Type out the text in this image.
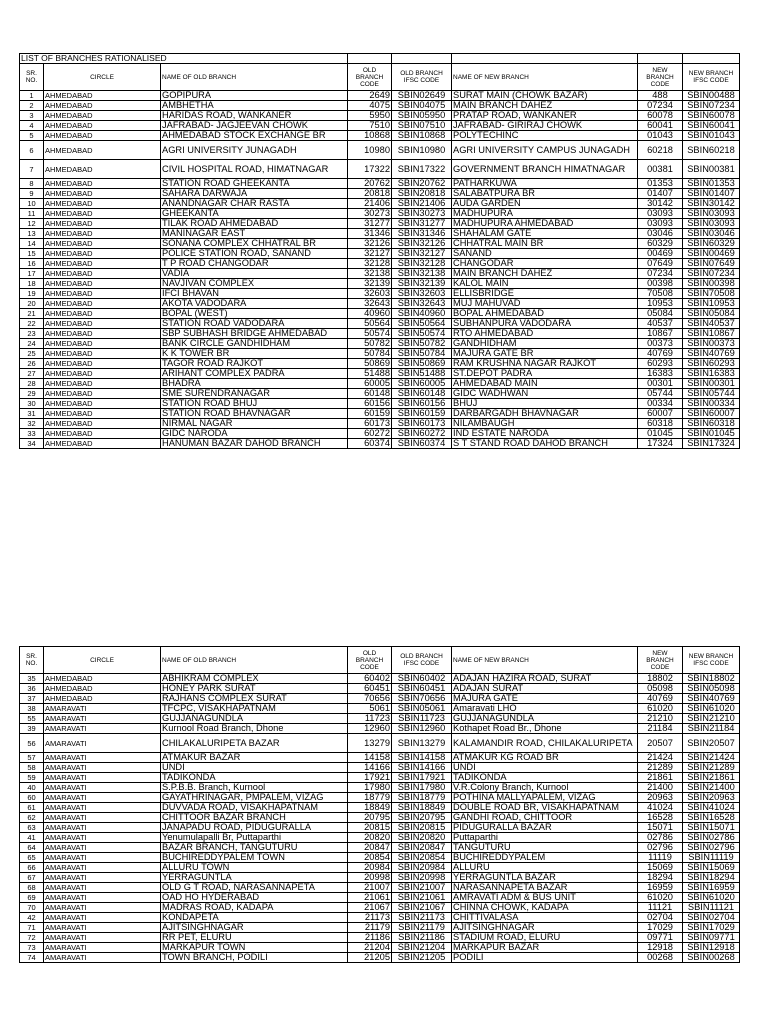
LIST OF BRANCHES RATIONALISED							
SR. NO.	CIRCLE	NAME OF OLD BRANCH	OLD BRANCH CODE	OLD BRANCH IFSC CODE	NAME OF NEW BRANCH	NEW BRANCH CODE	NEW BRANCH IFSC CODE
1	AHMEDABAD	GOPIPURA	2649	SBIN02649	SURAT MAIN (CHOWK BAZAR)	488	SBIN00488
2	AHMEDABAD	AMBHETHA	4075	SBIN04075	MAIN BRANCH DAHEZ	07234	SBIN07234
3	AHMEDABAD	HARIDAS ROAD, WANKANER	5950	SBIN05950	PRATAP ROAD, WANKANER	60078	SBIN60078
4	AHMEDABAD	JAFRABAD- JAGJEEVAN CHOWK	7510	SBIN07510	JAFRABAD- GIRIRAJ CHOWK	60041	SBIN60041
5	AHMEDABAD	AHMEDABAD STOCK EXCHANGE BR	10868	SBIN10868	POLYTECHINC	01043	SBIN01043
6	AHMEDABAD	AGRI UNIVERSITY JUNAGADH	10980	SBIN10980	AGRI UNIVERSITY CAMPUS JUNAGADH	60218	SBIN60218
7	AHMEDABAD	CIVIL HOSPITAL ROAD, HIMATNAGAR	17322	SBIN17322	GOVERNMENT BRANCH HIMATNAGAR	00381	SBIN00381
8	AHMEDABAD	STATION ROAD GHEEKANTA	20762	SBIN20762	PATHARKUWA	01353	SBIN01353
9	AHMEDABAD	SAHARA DARWAJA	20818	SBIN20818	SALABATPURA BR	01407	SBIN01407
10	AHMEDABAD	ANANDNAGAR CHAR RASTA	21406	SBIN21406	AUDA GARDEN	30142	SBIN30142
11	AHMEDABAD	GHEEKANTA	30273	SBIN30273	MADHUPURA	03093	SBIN03093
12	AHMEDABAD	TILAK ROAD AHMEDABAD	31277	SBIN31277	MADHUPURA AHMEDABAD	03093	SBIN03093
13	AHMEDABAD	MANINAGAR EAST	31346	SBIN31346	SHAHALAM GATE	03046	SBIN03046
14	AHMEDABAD	SONANA COMPLEX CHHATRAL BR	32126	SBIN32126	CHHATRAL MAIN BR	60329	SBIN60329
15	AHMEDABAD	POLICE STATION ROAD, SANAND	32127	SBIN32127	SANAND	00469	SBIN00469
16	AHMEDABAD	T P ROAD CHANGODAR	32128	SBIN32128	CHANGODAR	07649	SBIN07649
17	AHMEDABAD	VADIA	32138	SBIN32138	MAIN BRANCH DAHEZ	07234	SBIN07234
18	AHMEDABAD	NAVJIVAN COMPLEX	32139	SBIN32139	KALOL MAIN	00398	SBIN00398
19	AHMEDABAD	IFCI BHAVAN	32603	SBIN32603	ELLISBRIDGE	70508	SBIN70508
20	AHMEDABAD	AKOTA VADODARA	32643	SBIN32643	MUJ MAHUVAD	10953	SBIN10953
21	AHMEDABAD	BOPAL (WEST)	40960	SBIN40960	BOPAL AHMEDABAD	05084	SBIN05084
22	AHMEDABAD	STATION ROAD VADODARA	50564	SBIN50564	SUBHANPURA VADODARA	40537	SBIN40537
23	AHMEDABAD	SBP SUBHASH BRIDGE AHMEDABAD	50574	SBIN50574	RTO AHMEDABAD	10867	SBIN10867
24	AHMEDABAD	BANK CIRCLE GANDHIDHAM	50782	SBIN50782	GANDHIDHAM	00373	SBIN00373
25	AHMEDABAD	K K TOWER BR	50784	SBIN50784	MAJURA GATE BR	40769	SBIN40769
26	AHMEDABAD	TAGOR ROAD RAJKOT	50869	SBIN50869	RAM KRUSHNA NAGAR RAJKOT	60293	SBIN60293
27	AHMEDABAD	ARIHANT COMPLEX PADRA	51488	SBIN51488	ST.DEPOT PADRA	16383	SBIN16383
28	AHMEDABAD	BHADRA	60005	SBIN60005	AHMEDABAD MAIN	00301	SBIN00301
29	AHMEDABAD	SME SURENDRANAGAR	60148	SBIN60148	GIDC WADHWAN	05744	SBIN05744
30	AHMEDABAD	STATION ROAD BHUJ	60156	SBIN60156	BHUJ	00334	SBIN00334
31	AHMEDABAD	STATION ROAD BHAVNAGAR	60159	SBIN60159	DARBARGADH BHAVNAGAR	60007	SBIN60007
32	AHMEDABAD	NIRMAL NAGAR	60173	SBIN60173	NILAMBAUGH	60318	SBIN60318
33	AHMEDABAD	GIDC NARODA	60272	SBIN60272	IND ESTATE NARODA	01045	SBIN01045
34	AHMEDABAD	HANUMAN BAZAR DAHOD BRANCH	60374	SBIN60374	S T STAND ROAD DAHOD BRANCH	17324	SBIN17324
SR. NO.	CIRCLE	NAME OF OLD BRANCH	OLD BRANCH CODE	OLD BRANCH IFSC CODE	NAME OF NEW BRANCH	NEW BRANCH CODE	NEW BRANCH IFSC CODE
35	AHMEDABAD	ABHIKRAM COMPLEX	60402	SBIN60402	ADAJAN HAZIRA ROAD, SURAT	18802	SBIN18802
36	AHMEDABAD	HONEY PARK SURAT	60451	SBIN60451	ADAJAN SURAT	05098	SBIN05098
37	AHMEDABAD	RAJHANS COMPLEX SURAT	70656	SBIN70656	MAJURA GATE	40769	SBIN40769
38	AMARAVATI	TFCPC, VISAKHAPATNAM	5061	SBIN05061	Amaravati LHO	61020	SBIN61020
55	AMARAVATI	GUJJANAGUNDLA	11723	SBIN11723	GUJJANAGUNDLA	21210	SBIN21210
39	AMARAVATI	Kurnool Road Branch, Dhone	12960	SBIN12960	Kothapet Road Br., Dhone	21184	SBIN21184
56	AMARAVATI	CHILAKALURIPETA BAZAR	13279	SBIN13279	KALAMANDIR ROAD, CHILAKALURIPETA	20507	SBIN20507
57	AMARAVATI	ATMAKUR BAZAR	14158	SBIN14158	ATMAKUR KG ROAD BR	21424	SBIN21424
58	AMARAVATI	UNDI	14166	SBIN14166	UNDI	21289	SBIN21289
59	AMARAVATI	TADIKONDA	17921	SBIN17921	TADIKONDA	21861	SBIN21861
40	AMARAVATI	S.P.B.B. Branch, Kurnool	17980	SBIN17980	V.R.Colony Branch, Kurnool	21400	SBIN21400
60	AMARAVATI	GAYATHRINAGAR, PMPALEM, VIZAG	18779	SBIN18779	POTHINA MALLYAPALEM, VIZAG	20963	SBIN20963
61	AMARAVATI	DUVVADA ROAD, VISAKHAPATNAM	18849	SBIN18849	DOUBLE ROAD BR, VISAKHAPATNAM	41024	SBIN41024
62	AMARAVATI	CHITTOOR BAZAR BRANCH	20795	SBIN20795	GANDHI ROAD, CHITTOOR	16528	SBIN16528
63	AMARAVATI	JANAPADU ROAD, PIDUGURALLA	20815	SBIN20815	PIDUGURALLA BAZAR	15071	SBIN15071
41	AMARAVATI	Yenumulapalli Br, Puttaparthi	20820	SBIN20820	Puttaparthi	02786	SBIN02786
64	AMARAVATI	BAZAR BRANCH, TANGUTURU	20847	SBIN20847	TANGUTURU	02796	SBIN02796
65	AMARAVATI	BUCHIREDDYPALEM TOWN	20854	SBIN20854	BUCHIREDDYPALEM	11119	SBIN11119
66	AMARAVATI	ALLURU TOWN	20984	SBIN20984	ALLURU	15069	SBIN15069
67	AMARAVATI	YERRAGUNTLA	20998	SBIN20998	YERRAGUNTLA BAZAR	18294	SBIN18294
68	AMARAVATI	OLD G T ROAD, NARASANNAPETA	21007	SBIN21007	NARASANNAPETA BAZAR	16959	SBIN16959
69	AMARAVATI	OAD HO HYDERABAD	21061	SBIN21061	AMRAVATI ADM & BUS UNIT	61020	SBIN61020
70	AMARAVATI	MADRAS ROAD, KADAPA	21067	SBIN21067	CHINNA CHOWK, KADAPA	11121	SBIN11121
42	AMARAVATI	KONDAPETA	21173	SBIN21173	CHITTIVALASA	02704	SBIN02704
71	AMARAVATI	AJITSINGHNAGAR	21179	SBIN21179	AJITSINGHNAGAR	17029	SBIN17029
72	AMARAVATI	RR PET, ELURU	21186	SBIN21186	STADIUM ROAD, ELURU	09771	SBIN09771
73	AMARAVATI	MARKAPUR TOWN	21204	SBIN21204	MARKAPUR BAZAR	12918	SBIN12918
74	AMARAVATI	TOWN BRANCH, PODILI	21205	SBIN21205	PODILI	00268	SBIN00268
